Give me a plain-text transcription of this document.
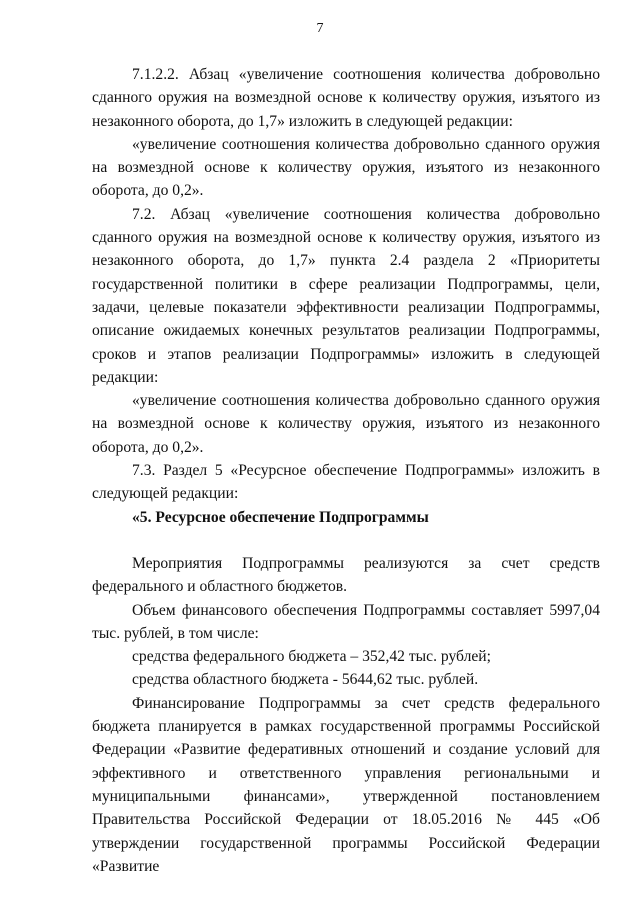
7

7.1.2.2. Абзац «увеличение соотношения количества добровольно сданного оружия на возмездной основе к количеству оружия, изъятого из незаконного оборота, до 1,7» изложить в следующей редакции:

«увеличение соотношения количества добровольно сданного оружия на возмездной основе к количеству оружия, изъятого из незаконного оборота, до 0,2».

7.2. Абзац «увеличение соотношения количества добровольно сданного оружия на возмездной основе к количеству оружия, изъятого из незаконного оборота, до 1,7» пункта 2.4 раздела 2 «Приоритеты государственной политики в сфере реализации Подпрограммы, цели, задачи, целевые показатели эффективности реализации Подпрограммы, описание ожидаемых конечных результатов реализации Подпрограммы, сроков и этапов реализации Подпрограммы» изложить в следующей редакции:

«увеличение соотношения количества добровольно сданного оружия на возмездной основе к количеству оружия, изъятого из незаконного оборота, до 0,2».

7.3. Раздел 5 «Ресурсное обеспечение Подпрограммы» изложить в следующей редакции:

«5. Ресурсное обеспечение Подпрограммы

Мероприятия Подпрограммы реализуются за счет средств федерального и областного бюджетов.

Объем финансового обеспечения Подпрограммы составляет 5997,04 тыс. рублей, в том числе:

средства федерального бюджета – 352,42 тыс. рублей;

средства областного бюджета - 5644,62 тыс. рублей.

Финансирование Подпрограммы за счет средств федерального бюджета планируется в рамках государственной программы Российской Федерации «Развитие федеративных отношений и создание условий для эффективного и ответственного управления региональными и муниципальными финансами», утвержденной постановлением Правительства Российской Федерации от 18.05.2016 № 445 «Об утверждении государственной программы Российской Федерации «Развитие
